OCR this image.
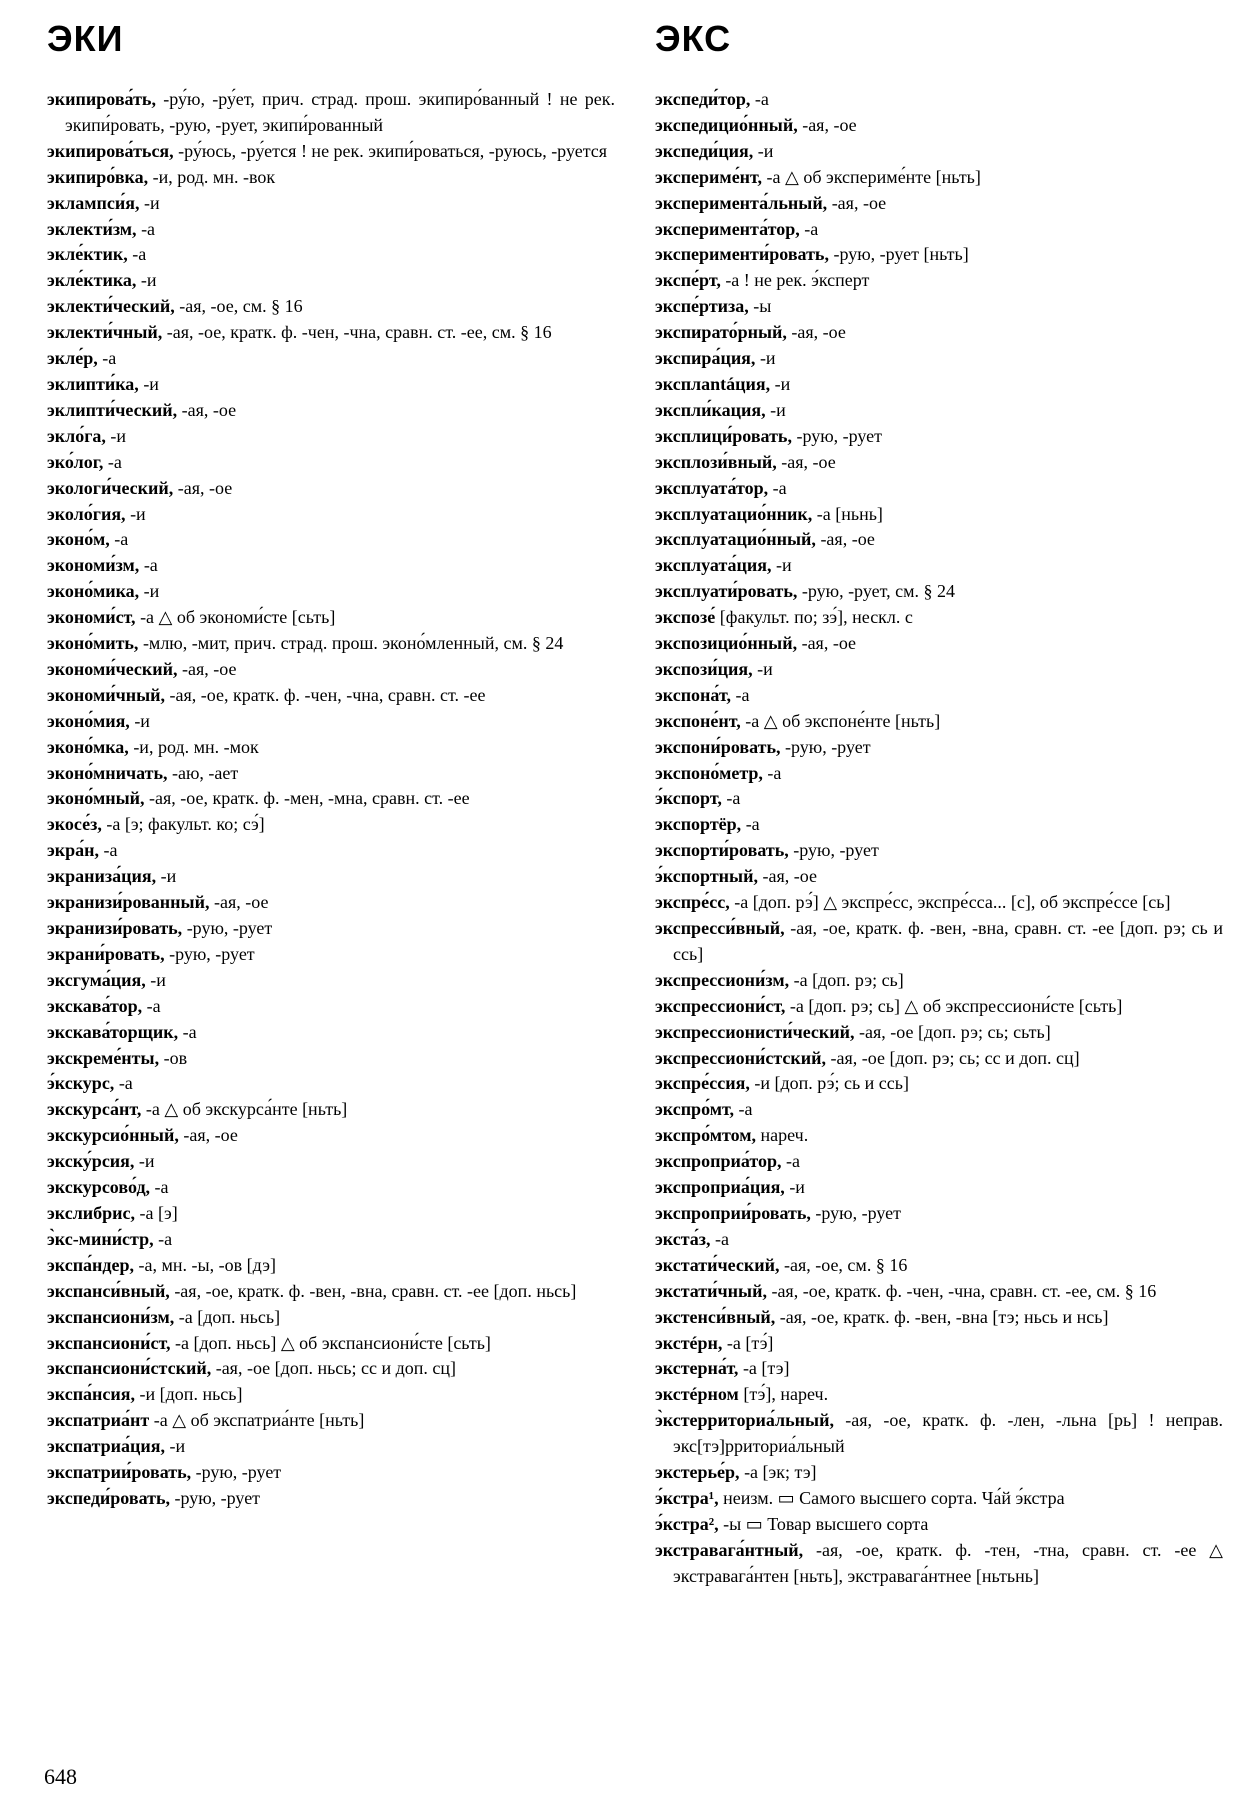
ЭКИ	ЭКС

экипирова́ть, -ру́ю, -ру́ет, прич. страд. прош. экипиро́ванный ! не рек. экипи́ровать, -рую, -рует, экипи́рованный

экипирова́ться, -ру́юсь, -ру́ется ! не рек. экипи́роваться, -руюсь, -руется

экипиро́вка, -и, род. мн. -вок

эклампси́я, -и

эклекти́зм, -а

экле́ктик, -а

экле́ктика, -и

эклекти́ческий, -ая, -ое, см. § 16

эклекти́чный, -ая, -ое, кратк. ф. -чен, -чна, сравн. ст. -ее, см. § 16

экле́р, -а

эклипти́ка, -и

эклипти́ческий, -ая, -ое

экло́га, -и

эко́лог, -а

экологи́ческий, -ая, -ое

эколо́гия, -и

эконо́м, -а

экономи́зм, -а

эконо́мика, -и

экономи́ст, -а △ об экономи́сте [сьть]

эконо́мить, -млю, -мит, прич. страд. прош. эконо́мленный, см. § 24

экономи́ческий, -ая, -ое

экономи́чный, -ая, -ое, кратк. ф. -чен, -чна, сравн. ст. -ее

эконо́мия, -и

эконо́мка, -и, род. мн. -мок

эконо́мничать, -аю, -ает

эконо́мный, -ая, -ое, кратк. ф. -мен, -мна, сравн. ст. -ее

экосе́з, -а [э; факульт. ко; сэ́]

экра́н, -а

экраниза́ция, -и

экранизи́рованный, -ая, -ое

экранизи́ровать, -рую, -рует

экрани́ровать, -рую, -рует

эксгума́ция, -и

экскава́тор, -а

экскава́торщик, -а

экскреме́нты, -ов

э́кскурс, -а

экскурса́нт, -а △ об экскурса́нте [ньть]

экскурсио́нный, -ая, -ое

экску́рсия, -и

экскурсово́д, -а

экслибрис, -а [э]

э̀кс-мини́стр, -а

экспа́ндер, -а, мн. -ы, -ов [дэ]

экспанси́вный, -ая, -ое, кратк. ф. -вен, -вна, сравн. ст. -ее [доп. ньсь]

экспансиони́зм, -а [доп. ньсь]

экспансиони́ст, -а [доп. ньсь] △ об экспансиони́сте [сьть]

экспансиони́стский, -ая, -ое [доп. ньсь; сс и доп. сц]

экспа́нсия, -и [доп. ньсь]

экспатриа́нт -а △ об экспатриа́нте [ньть]

экспатриа́ция, -и

экспатрии́ровать, -рую, -рует

экспеди́ровать, -рую, -рует

экспеди́тор, -а

экспедицио́нный, -ая, -ое

экспеди́ция, -и

экспериме́нт, -а △ об экспериме́нте [ньть]

эксперимента́льный, -ая, -ое

эксперимента́тор, -а

эксперименти́ровать, -рую, -рует [ньть]

экспе́рт, -а ! не рек. э́ксперт

экспе́ртиза, -ы

экспирато́рный, -ая, -ое

экспира́ция, -и

эксплantáция, -и

экспли́кация, -и

эксплици́ровать, -рую, -рует

эксплози́вный, -ая, -ое

эксплуата́тор, -а

эксплуатацио́нник, -а [ньнь]

эксплуатацио́нный, -ая, -ое

эксплуата́ция, -и

эксплуати́ровать, -рую, -рует, см. § 24

экспозе́ [факульт. по; зэ́], нескл. с

экспозицио́нный, -ая, -ое

экспози́ция, -и

экспона́т, -а

экспоне́нт, -а △ об экспоне́нте [ньть]

экспони́ровать, -рую, -рует

экспоно́метр, -а

э́кспорт, -а

экспортёр, -а

экспорти́ровать, -рую, -рует

э́кспортный, -ая, -ое

экспре́сс, -а [доп. рэ́] △ экспре́сс, экспре́сса... [с], об экспре́ссе [сь]

экспресси́вный, -ая, -ое, кратк. ф. -вен, -вна, сравн. ст. -ее [доп. рэ; сь и ссь]

экспрессиони́зм, -а [доп. рэ; сь]

экспрессиони́ст, -а [доп. рэ; сь] △ об экспрессиони́сте [сьть]

экспрессионисти́ческий, -ая, -ое [доп. рэ; сь; сьть]

экспрессиони́стский, -ая, -ое [доп. рэ; сь; сс и доп. сц]

экспре́ссия, -и [доп. рэ́; сь и ссь]

экспро́мт, -а

экспро́мтом, нареч.

экспроприа́тор, -а

экспроприа́ция, -и

экспроприи́ровать, -рую, -рует

экста́з, -а

экстати́ческий, -ая, -ое, см. § 16

экстати́чный, -ая, -ое, кратк. ф. -чен, -чна, сравн. ст. -ее, см. § 16

экстенси́вный, -ая, -ое, кратк. ф. -вен, -вна [тэ; ньсь и нсь]

экстéрн, -а [тэ́]

экстерна́т, -а [тэ]

экстéрном [тэ́], нареч.

э̀кстерриториа́льный, -ая, -ое, кратк. ф. -лен, -льна [рь] ! неправ. экс[тэ]рриториа́льный

экстерье́р, -а [эк; тэ]

э́кстра¹, неизм. ▭ Самого высшего сорта. Ча́й э́кстра

э́кстра², -ы ▭ Товар высшего сорта

экстравага́нтный, -ая, -ое, кратк. ф. -тен, -тна, сравн. ст. -ее △ экстравага́нтен [ньть], экстравага́нтнее [ньтьнь]

648
